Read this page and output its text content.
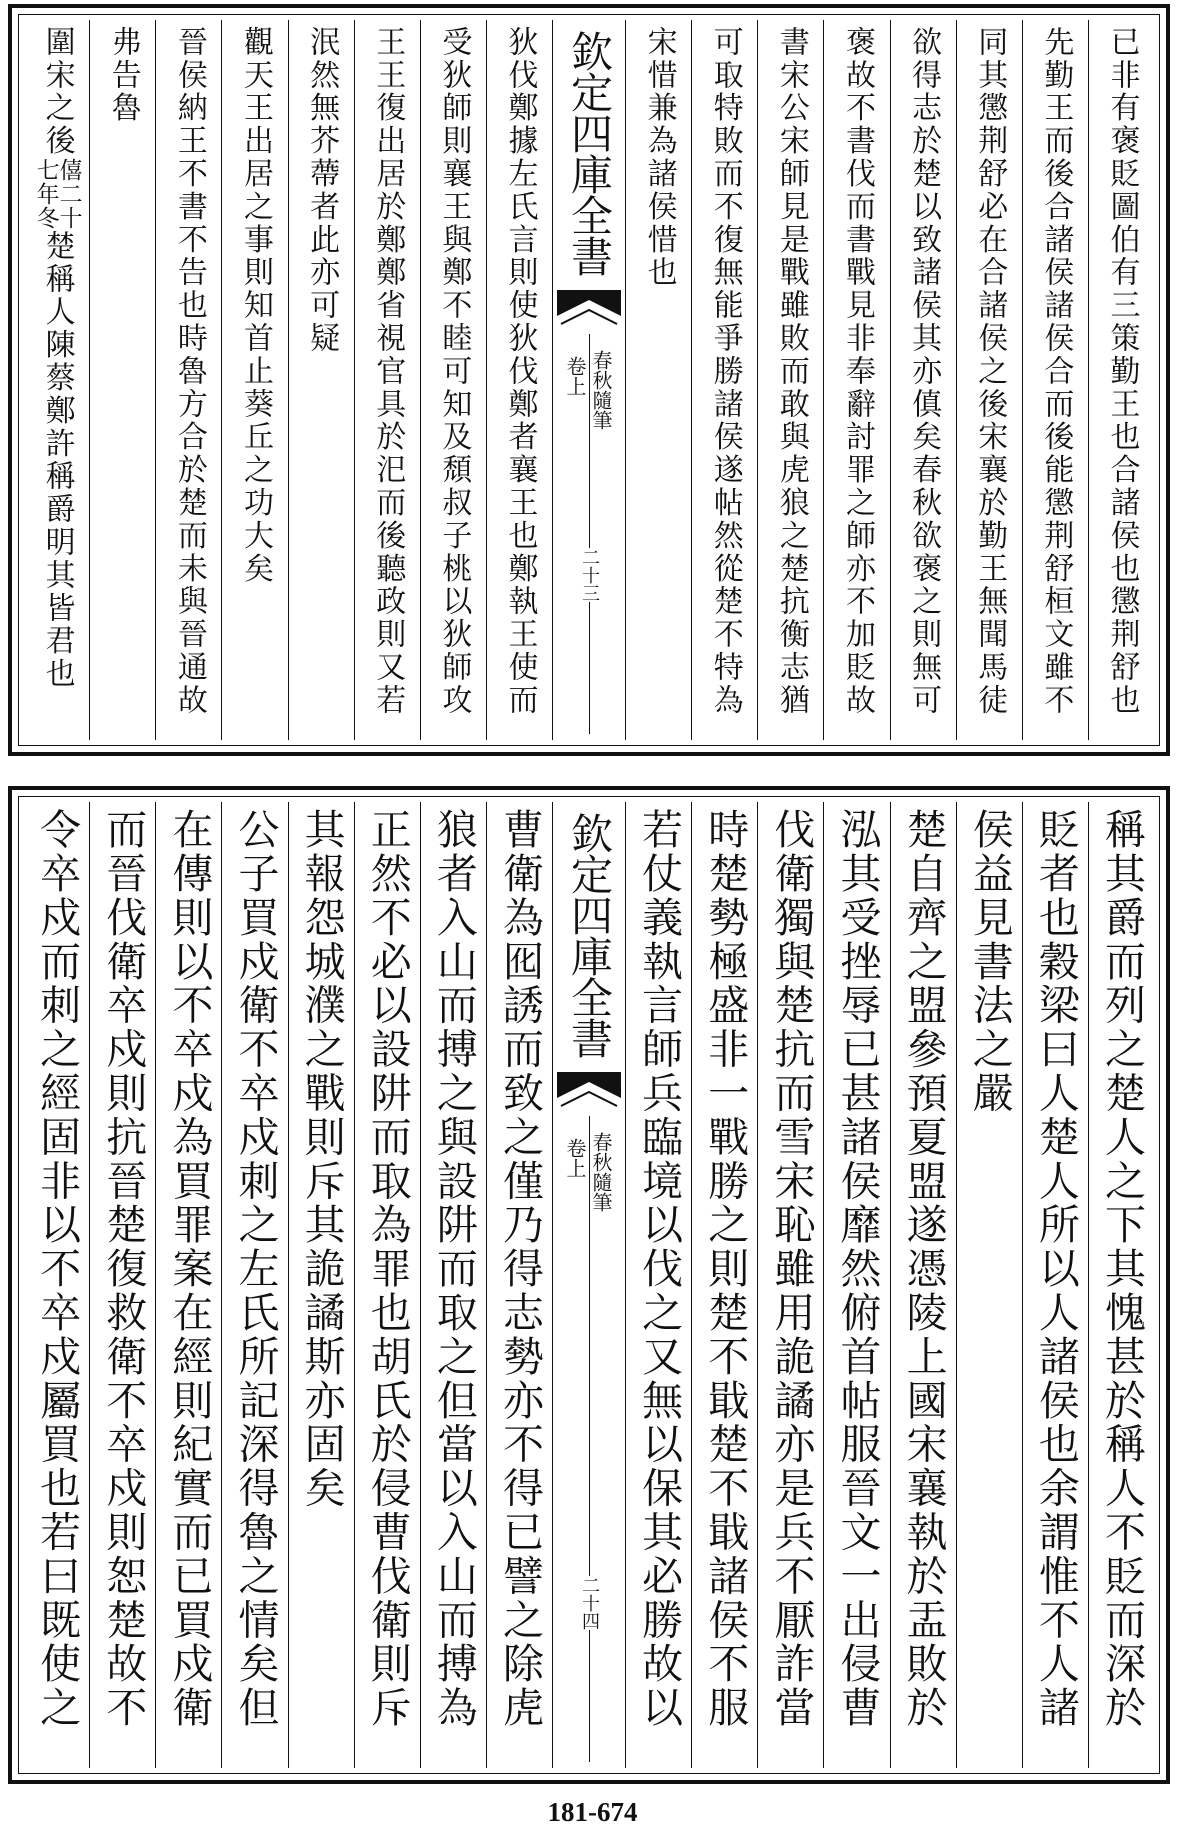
已非有褒貶圖伯有三策勤王也合諸侯也懲荆舒也
先勤王而後合諸侯諸侯合而後能懲荆舒桓文雖不
同其懲荆舒必在合諸侯之後宋襄於勤王無聞馬徒
欲得志於楚以致諸侯其亦傎矣春秋欲褒之則無可
褒故不書伐而書戰見非奉辭討罪之師亦不加貶故
書宋公宋師見是戰雖敗而敢與虎狼之楚抗衡志猶
可取特敗而不復無能爭勝諸侯遂帖然從楚不特為
宋惜兼為諸侯惜也
欽定四庫全書
春秋隨筆
卷上
二十三
狄伐鄭據左氏言則使狄伐鄭者襄王也鄭執王使而
受狄師則襄王與鄭不睦可知及頹叔子桃以狄師攻
王王復出居於鄭鄭省視官具於汜而後聽政則又若
泯然無芥蔕者此亦可疑
觀天王出居之事則知首止葵丘之功大矣
晉侯納王不書不告也時魯方合於楚而未與晉通故
弗告魯
圍宋之後
僖二十
七年冬
楚稱人陳蔡鄭許稱爵明其皆君也
稱其爵而列之楚人之下其愧甚於稱人不貶而深於
貶者也穀梁曰人楚人所以人諸侯也余謂惟不人諸
侯益見書法之嚴
楚自齊之盟參預夏盟遂憑陵上國宋襄執於盂敗於
泓其受挫辱已甚諸侯靡然俯首帖服晉文一出侵曹
伐衛獨與楚抗而雪宋恥雖用詭譎亦是兵不厭詐當
時楚勢極盛非一戰勝之則楚不戢楚不戢諸侯不服
若仗義執言師兵臨境以伐之又無以保其必勝故以
欽定四庫全書
春秋隨筆
卷上
二十四
曹衛為囮誘而致之僅乃得志勢亦不得已譬之除虎
狼者入山而搏之與設阱而取之但當以入山而搏為
正然不必以設阱而取為罪也胡氏於侵曹伐衛則斥
其報怨城濮之戰則斥其詭譎斯亦固矣
公子買戍衛不卒戍刺之左氏所記深得魯之情矣但
在傳則以不卒戍為買罪案在經則紀實而已買戍衛
而晉伐衛卒戍則抗晉楚復救衛不卒戍則恕楚故不
令卒戍而刺之經固非以不卒戍屬買也若曰既使之
181-674
